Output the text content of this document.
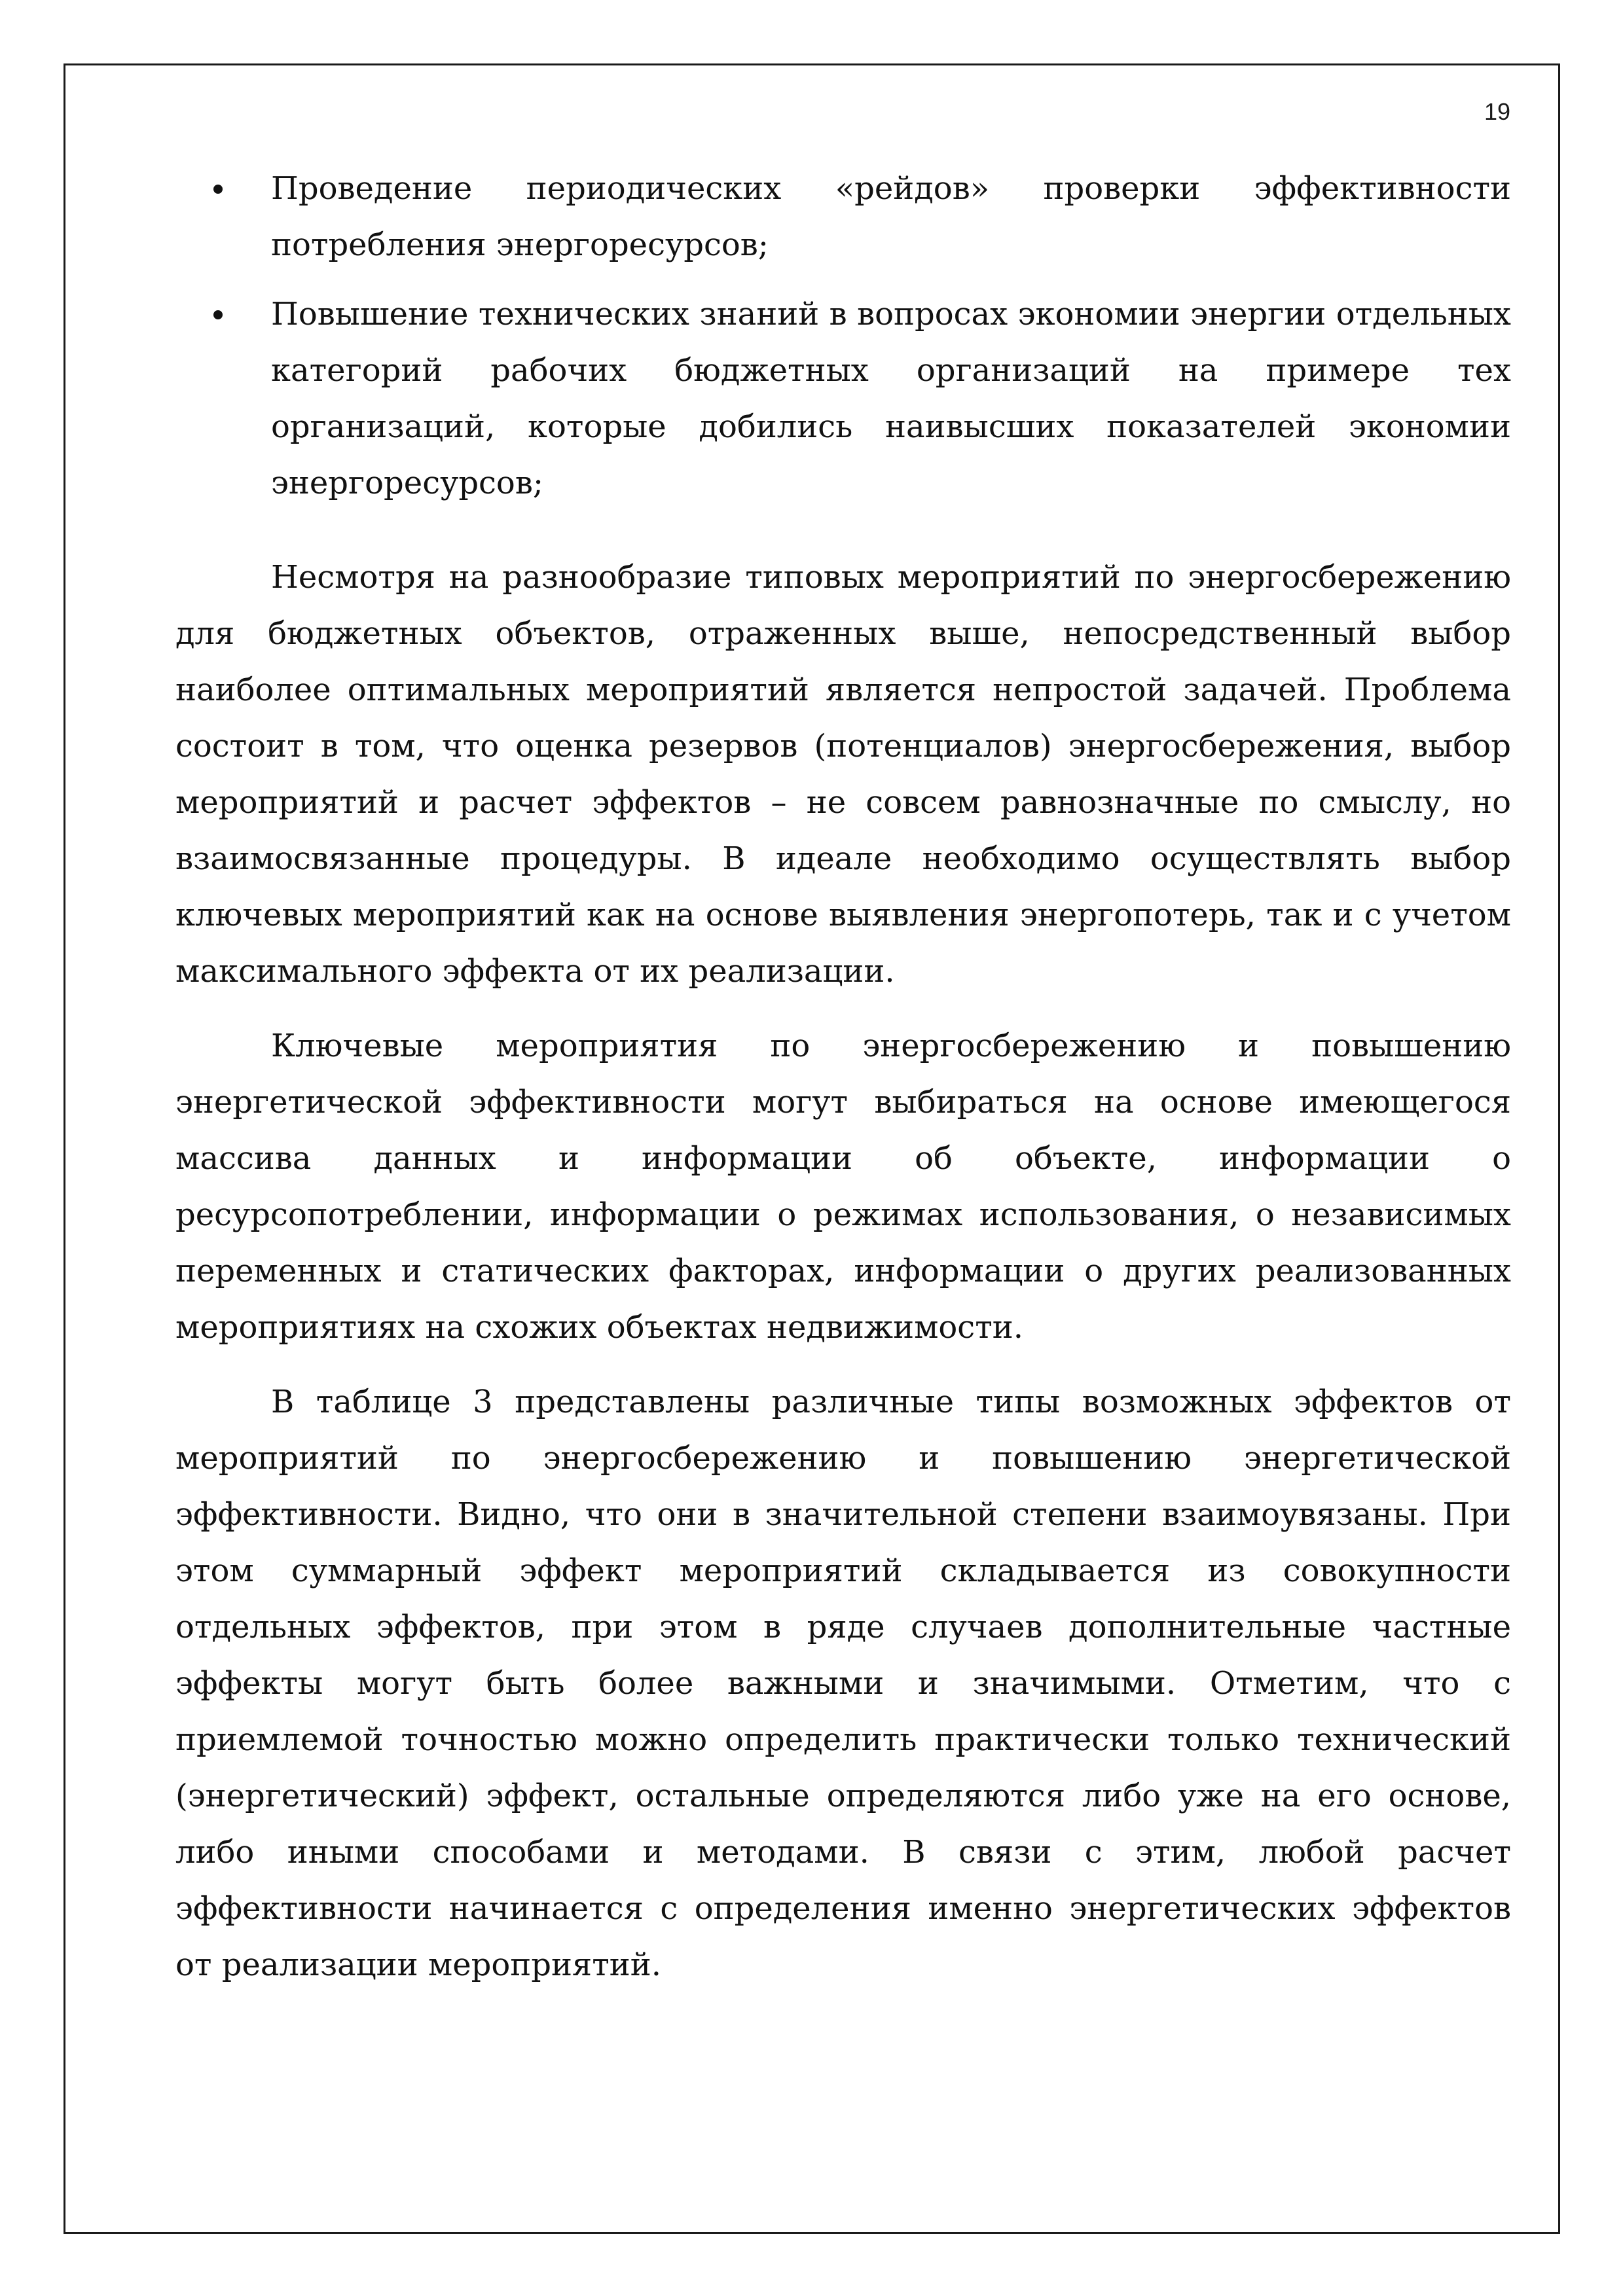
19
Проведение периодических «рейдов» проверки эффективности потребления энергоресурсов;
Повышение технических знаний в вопросах экономии энергии отдельных категорий рабочих бюджетных организаций на примере тех организаций, которые добились наивысших показателей экономии энергоресурсов;

Несмотря на разнообразие типовых мероприятий по энергосбережению для бюджетных объектов, отраженных выше, непосредственный выбор наиболее оптимальных мероприятий является непростой задачей. Проблема состоит в том, что оценка резервов (потенциалов) энергосбережения, выбор мероприятий и расчет эффектов – не совсем равнозначные по смыслу, но взаимосвязанные процедуры. В идеале необходимо осуществлять выбор ключевых мероприятий как на основе выявления энергопотерь, так и с учетом максимального эффекта от их реализации.

Ключевые мероприятия по энергосбережению и повышению энергетической эффективности могут выбираться на основе имеющегося массива данных и информации об объекте, информации о ресурсопотреблении, информации о режимах использования, о независимых переменных и статических факторах, информации о других реализованных мероприятиях на схожих объектах недвижимости.

В таблице 3 представлены различные типы возможных эффектов от мероприятий по энергосбережению и повышению энергетической эффективности. Видно, что они в значительной степени взаимоувязаны. При этом суммарный эффект мероприятий складывается из совокупности отдельных эффектов, при этом в ряде случаев дополнительные частные эффекты могут быть более важными и значимыми. Отметим, что с приемлемой точностью можно определить практически только технический (энергетический) эффект, остальные определяются либо уже на его основе, либо иными способами и методами. В связи с этим, любой расчет эффективности начинается с определения именно энергетических эффектов от реализации мероприятий.
